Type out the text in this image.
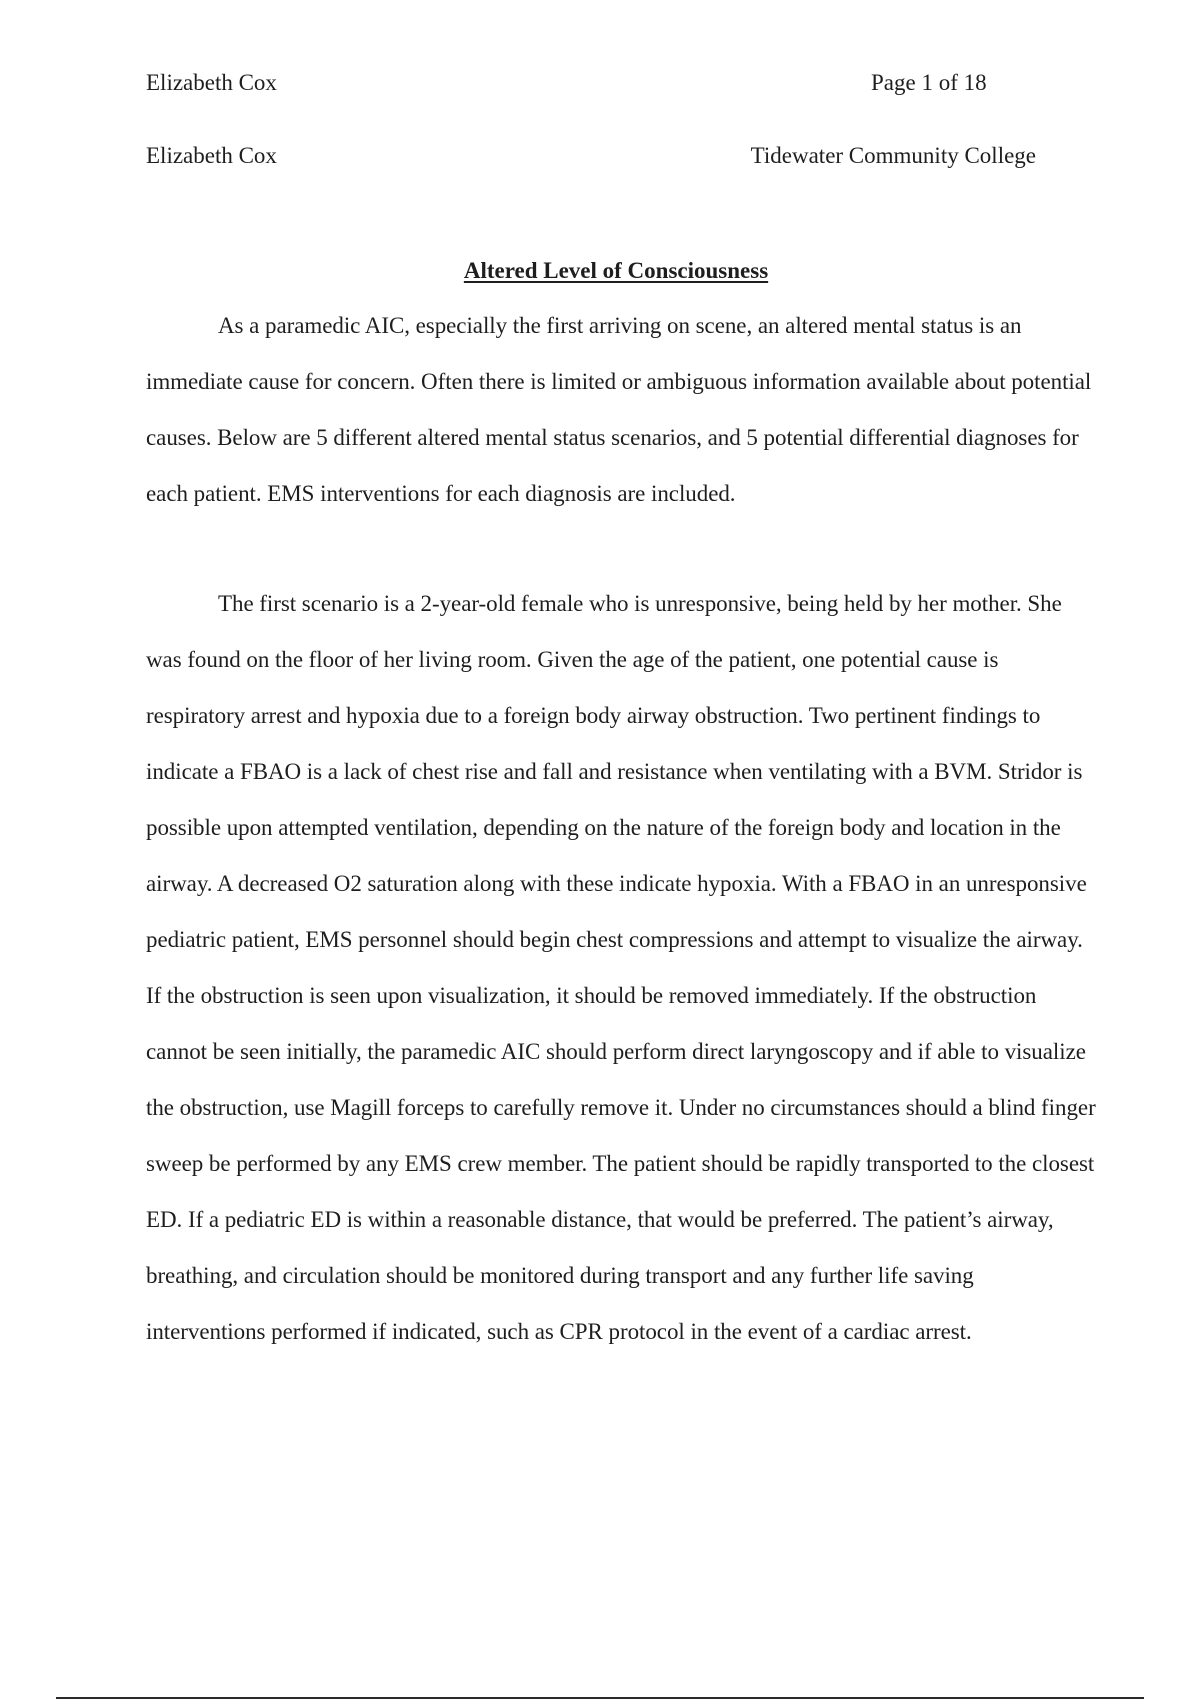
Elizabeth Cox	Page 1 of 18
Elizabeth Cox	Tidewater Community College
Altered Level of Consciousness

As a paramedic AIC, especially the first arriving on scene, an altered mental status is an immediate cause for concern. Often there is limited or ambiguous information available about potential causes. Below are 5 different altered mental status scenarios, and 5 potential differential diagnoses for each patient. EMS interventions for each diagnosis are included.

The first scenario is a 2-year-old female who is unresponsive, being held by her mother. She was found on the floor of her living room. Given the age of the patient, one potential cause is respiratory arrest and hypoxia due to a foreign body airway obstruction. Two pertinent findings to indicate a FBAO is a lack of chest rise and fall and resistance when ventilating with a BVM. Stridor is possible upon attempted ventilation, depending on the nature of the foreign body and location in the airway. A decreased O2 saturation along with these indicate hypoxia. With a FBAO in an unresponsive pediatric patient, EMS personnel should begin chest compressions and attempt to visualize the airway. If the obstruction is seen upon visualization, it should be removed immediately. If the obstruction cannot be seen initially, the paramedic AIC should perform direct laryngoscopy and if able to visualize the obstruction, use Magill forceps to carefully remove it. Under no circumstances should a blind finger sweep be performed by any EMS crew member. The patient should be rapidly transported to the closest ED. If a pediatric ED is within a reasonable distance, that would be preferred. The patient’s airway, breathing, and circulation should be monitored during transport and any further life saving interventions performed if indicated, such as CPR protocol in the event of a cardiac arrest.
